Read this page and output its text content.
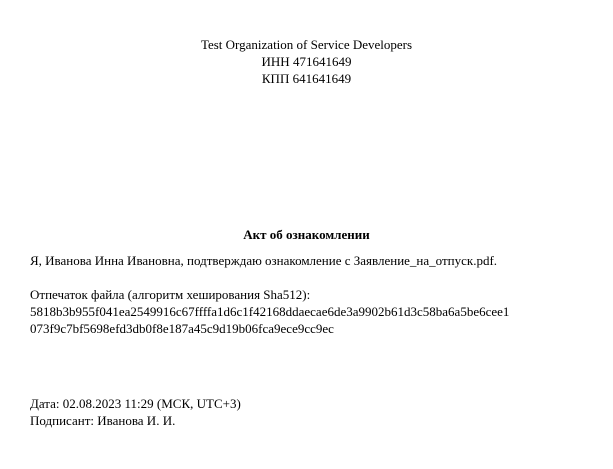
Test Organization of Service Developers
ИНН 471641649
КПП 641641649
Акт об ознакомлении
Я, Иванова Инна Ивановна, подтверждаю ознакомление с Заявление_на_отпуск.pdf.
Отпечаток файла (алгоритм хеширования Sha512):
5818b3b955f041ea2549916c67ffffa1d6c1f42168ddaecae6de3a9902b61d3c58ba6a5be6cee1
073f9c7bf5698efd3db0f8e187a45c9d19b06fca9ece9cc9ec
Дата: 02.08.2023 11:29 (МСК, UTC+3)
Подписант: Иванова И. И.
